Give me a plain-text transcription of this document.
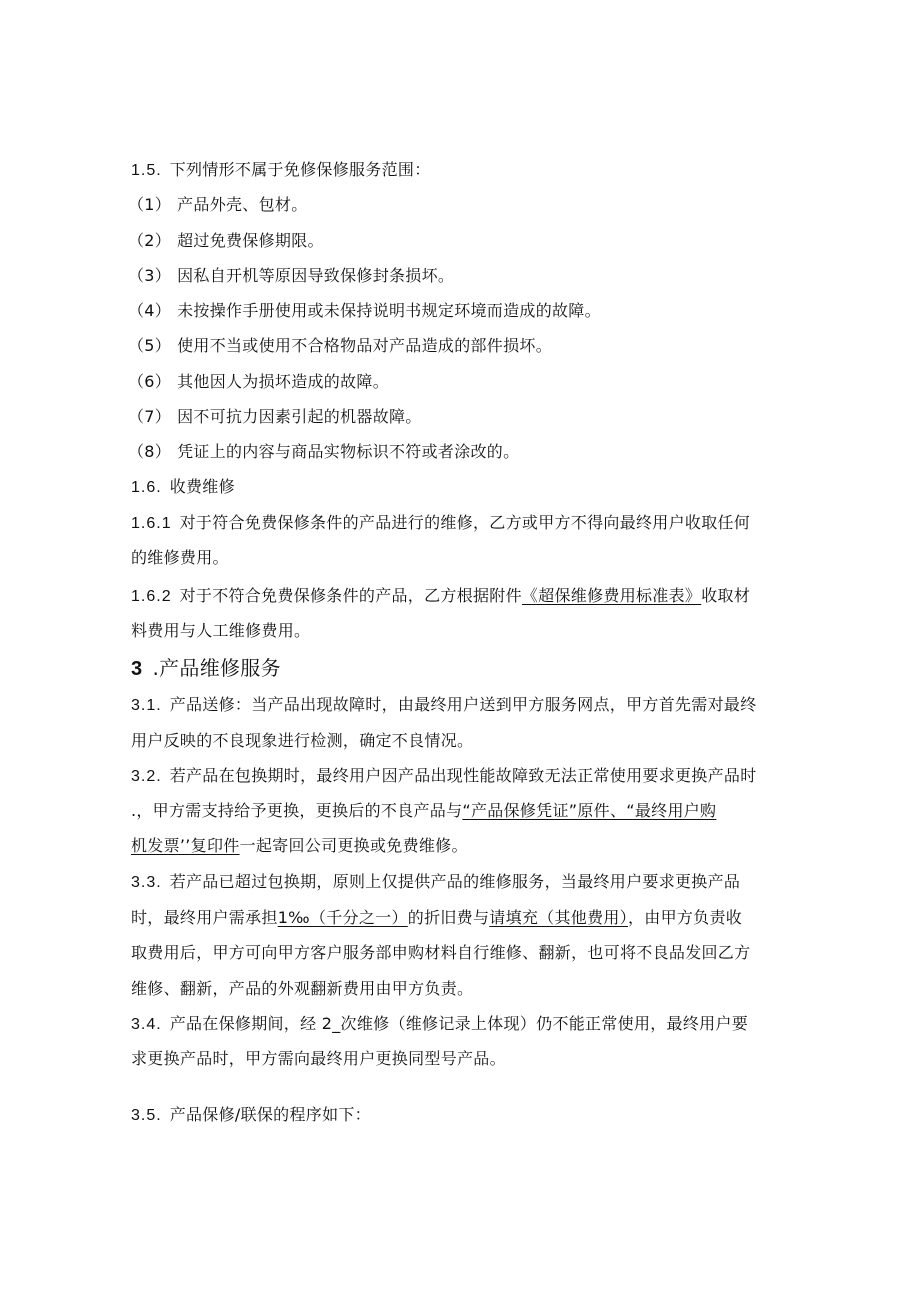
1.5. 下列情形不属于免修保修服务范围：
（1） 产品外壳、包材。
（2） 超过免费保修期限。
（3） 因私自开机等原因导致保修封条损坏。
（4） 未按操作手册使用或未保持说明书规定环境而造成的故障。
（5） 使用不当或使用不合格物品对产品造成的部件损坏。
（6） 其他因人为损坏造成的故障。
（7） 因不可抗力因素引起的机器故障。
（8） 凭证上的内容与商品实物标识不符或者涂改的。
1.6. 收费维修
1.6.1 对于符合免费保修条件的产品进行的维修，乙方或甲方不得向最终用户收取任何
的维修费用。
1.6.2 对于不符合免费保修条件的产品，乙方根据附件《超保维修费用标准表》收取材
料费用与人工维修费用。
3 .产品维修服务
3.1. 产品送修：当产品出现故障时，由最终用户送到甲方服务网点，甲方首先需对最终
用户反映的不良现象进行检测，确定不良情况。
3.2. 若产品在包换期时，最终用户因产品出现性能故障致无法正常使用要求更换产品时
.，甲方需支持给予更换，更换后的不良产品与“产品保修凭证”原件、“最终用户购
机发票’’复印件一起寄回公司更换或免费维修。
3.3. 若产品已超过包换期，原则上仅提供产品的维修服务，当最终用户要求更换产品
时，最终用户需承担1‰（千分之一）的折旧费与请填充（其他费用），由甲方负责收
取费用后，甲方可向甲方客户服务部申购材料自行维修、翻新，也可将不良品发回乙方
维修、翻新，产品的外观翻新费用由甲方负责。
3.4. 产品在保修期间，经 2_次维修（维修记录上体现）仍不能正常使用，最终用户要
求更换产品时，甲方需向最终用户更换同型号产品。
3.5. 产品保修/联保的程序如下：
